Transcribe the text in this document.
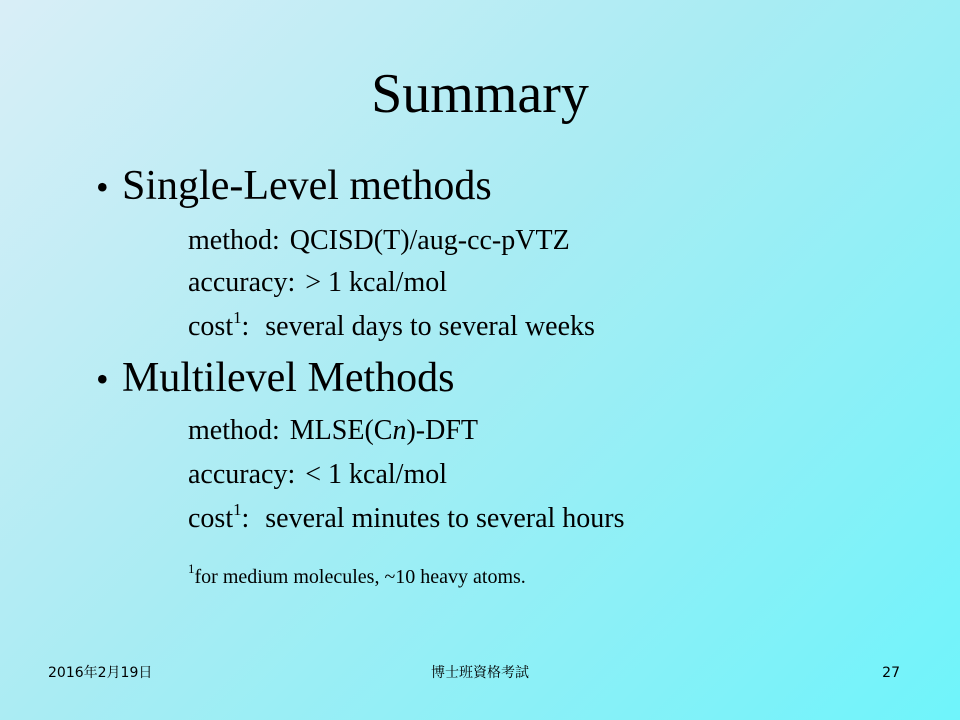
Summary
• Single-Level methods
method: QCISD(T)/aug-cc-pVTZ
accuracy: > 1 kcal/mol
cost$^1$: several days to several weeks
• Multilevel Methods
method: MLSE(Cn)-DFT
accuracy: < 1 kcal/mol
cost$^1$: several minutes to several hours
$^1$for medium molecules, ~10 heavy atoms.
2016年2月19日	博士班資格考試	27
